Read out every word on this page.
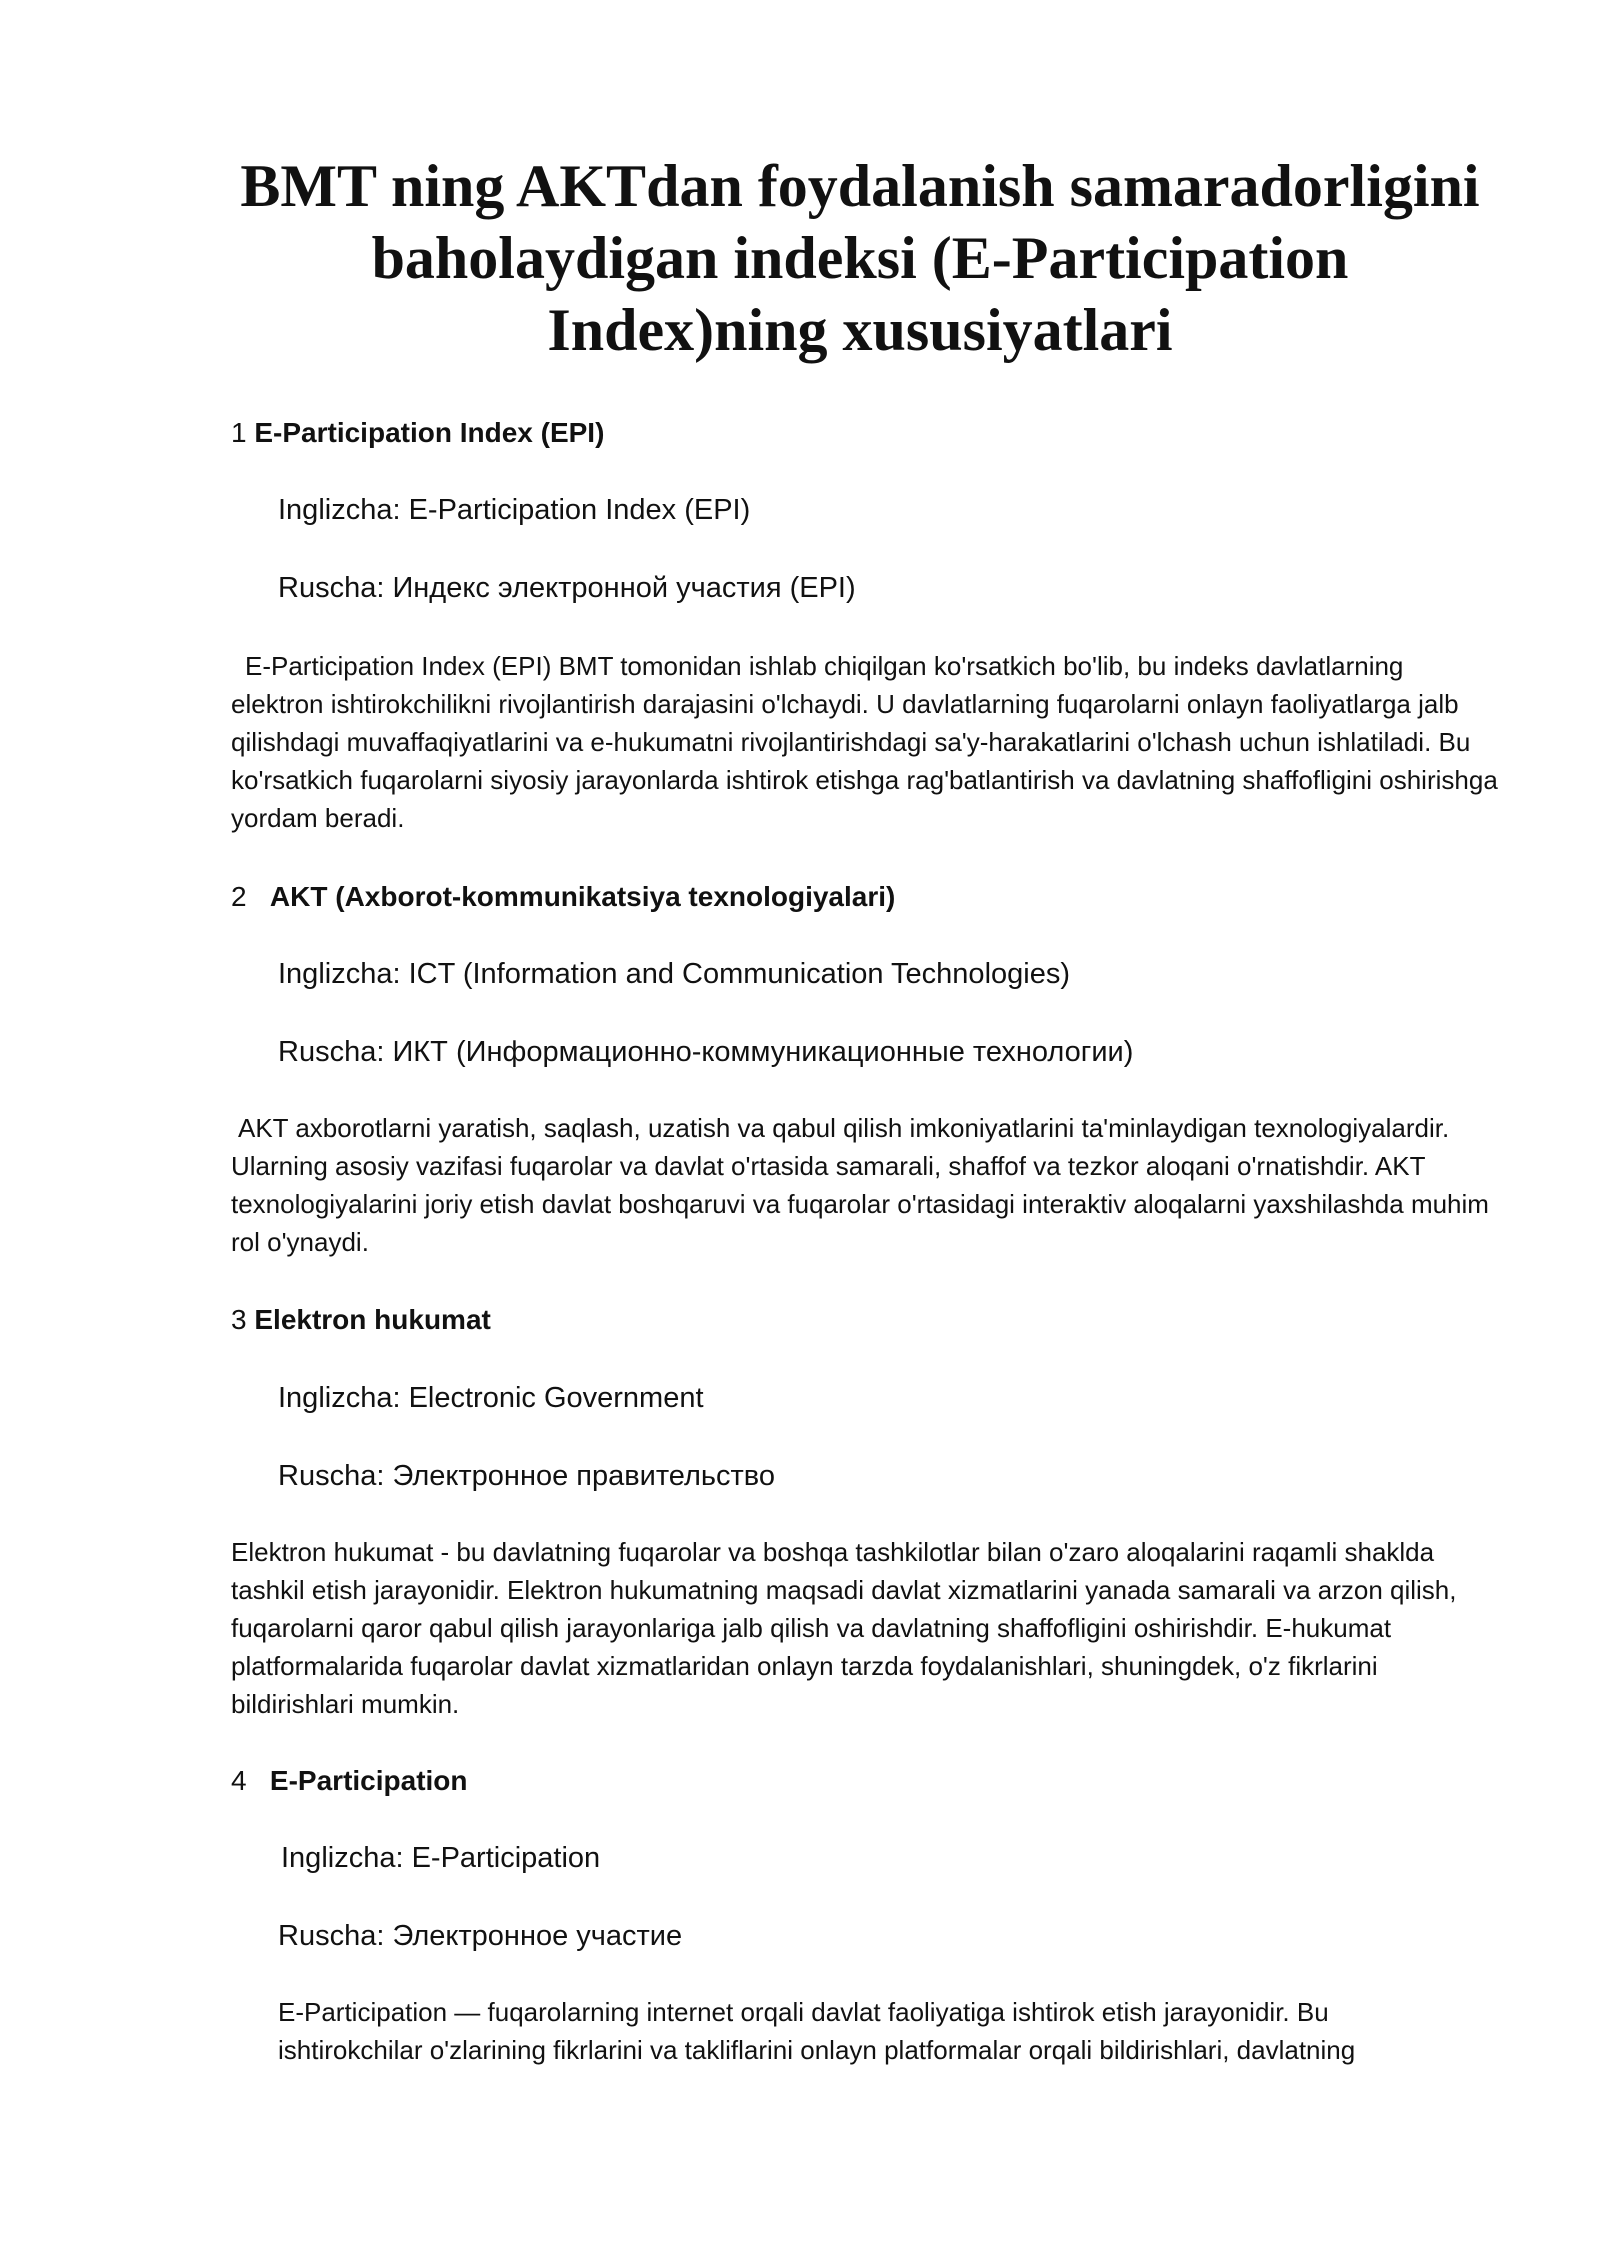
BMT ning AKTdan foydalanish samaradorligini baholaydigan indeksi (E-Participation Index)ning xususiyatlari
1 E-Participation Index (EPI)
Inglizcha: E-Participation Index (EPI)
Ruscha: Индекс электронной участия (EPI)

E-Participation Index (EPI) BMT tomonidan ishlab chiqilgan ko'rsatkich bo'lib, bu indeks davlatlarning elektron ishtirokchilikni rivojlantirish darajasini o'lchaydi. U davlatlarning fuqarolarni onlayn faoliyatlarga jalb qilishdagi muvaffaqiyatlarini va e-hukumatni rivojlantirishdagi sa'y-harakatlarini o'lchash uchun ishlatiladi. Bu ko'rsatkich fuqarolarni siyosiy jarayonlarda ishtirok etishga rag'batlantirish va davlatning shaffofligini oshirishga yordam beradi.

2 AKT (Axborot-kommunikatsiya texnologiyalari)
Inglizcha: ICT (Information and Communication Technologies)
Ruscha: ИКТ (Информационно-коммуникационные технологии)

AKT axborotlarni yaratish, saqlash, uzatish va qabul qilish imkoniyatlarini ta'minlaydigan texnologiyalardir. Ularning asosiy vazifasi fuqarolar va davlat o'rtasida samarali, shaffof va tezkor aloqani o'rnatishdir. AKT texnologiyalarini joriy etish davlat boshqaruvi va fuqarolar o'rtasidagi interaktiv aloqalarni yaxshilashda muhim rol o'ynaydi.

3 Elektron hukumat
Inglizcha: Electronic Government
Ruscha: Электронное правительство

Elektron hukumat - bu davlatning fuqarolar va boshqa tashkilotlar bilan o'zaro aloqalarini raqamli shaklda tashkil etish jarayonidir. Elektron hukumatning maqsadi davlat xizmatlarini yanada samarali va arzon qilish, fuqarolarni qaror qabul qilish jarayonlariga jalb qilish va davlatning shaffofligini oshirishdir. E-hukumat platformalarida fuqarolar davlat xizmatlaridan onlayn tarzda foydalanishlari, shuningdek, o'z fikrlarini bildirishlari mumkin.

4 E-Participation
Inglizcha: E-Participation
Ruscha: Электронное участие

E-Participation — fuqarolarning internet orqali davlat faoliyatiga ishtirok etish jarayonidir. Bu ishtirokchilar o'zlarining fikrlarini va takliflarini onlayn platformalar orqali bildirishlari, davlatning
